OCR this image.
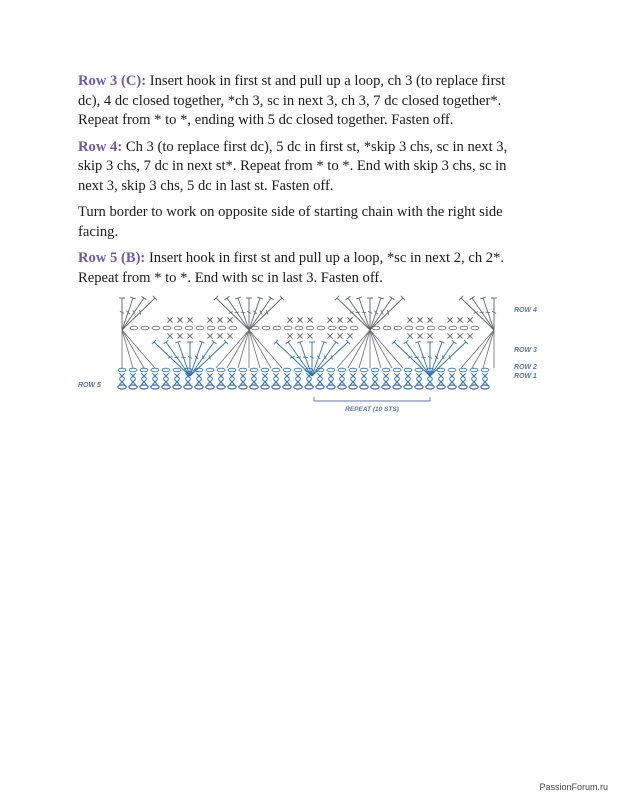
Row 3 (C): Insert hook in first st and pull up a loop, ch 3 (to replace first dc), 4 dc closed together, *ch 3, sc in next 3, ch 3, 7 dc closed together*. Repeat from * to *, ending with 5 dc closed together. Fasten off.

Row 4: Ch 3 (to replace first dc), 5 dc in first st, *skip 3 chs, sc in next 3, skip 3 chs, 7 dc in next st*. Repeat from * to *. End with skip 3 chs, sc in next 3, skip 3 chs, 5 dc in last st. Fasten off.

Turn border to work on opposite side of starting chain with the right side facing.

Row 5 (B): Insert hook in first st and pull up a loop, *sc in next 2, ch 2*. Repeat from * to *. End with sc in last 3. Fasten off.

ROW 4
ROW 3
ROW 2
ROW 1
ROW 5
REPEAT (10 STS)
PassionForum.ru
